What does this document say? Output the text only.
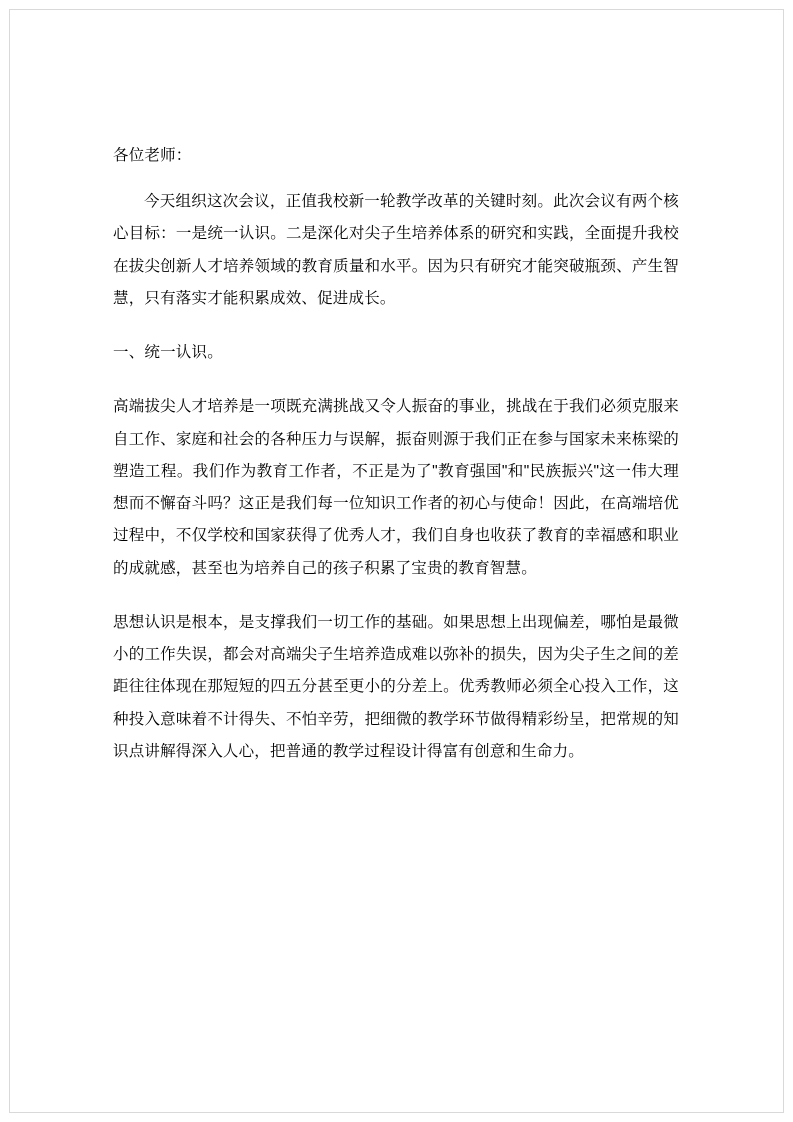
各位老师：

今天组织这次会议，正值我校新一轮教学改革的关键时刻。此次会议有两个核心目标：一是统一认识。二是深化对尖子生培养体系的研究和实践，全面提升我校在拔尖创新人才培养领域的教育质量和水平。因为只有研究才能突破瓶颈、产生智慧，只有落实才能积累成效、促进成长。

一、统一认识。

高端拔尖人才培养是一项既充满挑战又令人振奋的事业，挑战在于我们必须克服来自工作、家庭和社会的各种压力与误解，振奋则源于我们正在参与国家未来栋梁的塑造工程。我们作为教育工作者，不正是为了"教育强国"和"民族振兴"这一伟大理想而不懈奋斗吗？这正是我们每一位知识工作者的初心与使命！因此，在高端培优过程中，不仅学校和国家获得了优秀人才，我们自身也收获了教育的幸福感和职业的成就感，甚至也为培养自己的孩子积累了宝贵的教育智慧。

思想认识是根本，是支撑我们一切工作的基础。如果思想上出现偏差，哪怕是最微小的工作失误，都会对高端尖子生培养造成难以弥补的损失，因为尖子生之间的差距往往体现在那短短的四五分甚至更小的分差上。优秀教师必须全心投入工作，这种投入意味着不计得失、不怕辛劳，把细微的教学环节做得精彩纷呈，把常规的知识点讲解得深入人心，把普通的教学过程设计得富有创意和生命力。
